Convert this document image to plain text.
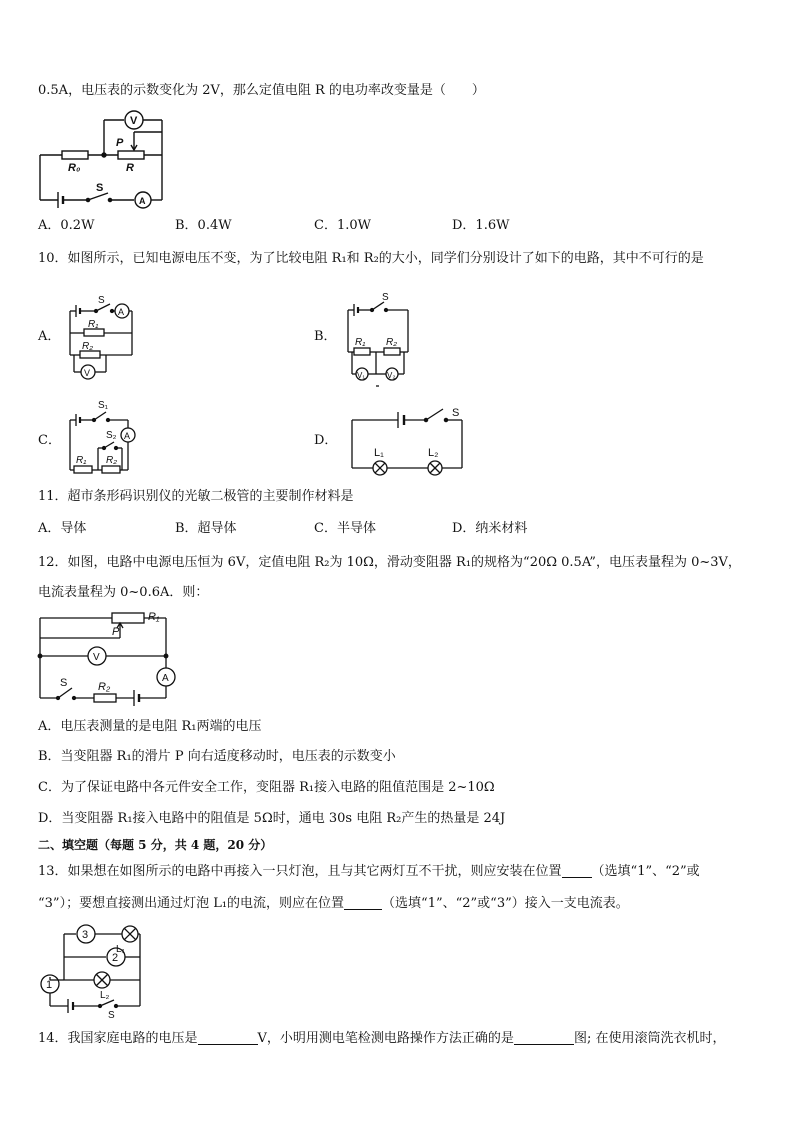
0.5A，电压表的示数变化为 2V，那么定值电阻 R 的电功率改变量是（　　）
V
P
R
R₀
S
A
A．0.2W	B．0.4W	C．1.0W	D．1.6W
10．如图所示，已知电源电压不变，为了比较电阻 R₁和 R₂的大小，同学们分别设计了如下的电路，其中不可行的是
A．
S
A
R₁
R₂
V
B．
S
R₁ R₂
V₁	V₂
C．
S₁
S₂ A
R₁ R₂
D．
S
L₁	L₂
11．超市条形码识别仪的光敏二极管的主要制作材料是
A．导体	B．超导体	C．半导体	D．纳米材料
12．如图，电路中电源电压恒为 6V，定值电阻 R₂为 10Ω，滑动变阻器 R₁的规格为“20Ω 0.5A”，电压表量程为 0~3V，
电流表量程为 0~0.6A．则：
R₁
P
V
A
S	R₂
A．电压表测量的是电阻 R₁两端的电压
B．当变阻器 R₁的滑片 P 向右适度移动时，电压表的示数变小
C．为了保证电路中各元件安全工作，变阻器 R₁接入电路的阻值范围是 2~10Ω
D．当变阻器 R₁接入电路中的阻值是 5Ω时，通电 30s 电阻 R₂产生的热量是 24J
二、填空题（每题 5 分，共 4 题，20 分）
13．如果想在如图所示的电路中再接入一只灯泡，且与其它两灯互不干扰，则应安装在位置 （选填“1”、“2”或
“3”）；要想直接测出通过灯泡 L₁的电流，则应在位置	（选填“1”、“2”或“3”）接入一支电流表。
3
2
1
L₁
L₂
S
14．我国家庭电路的电压是	V，小明用测电笔检测电路操作方法正确的是	图; 在使用滚筒洗衣机时，
